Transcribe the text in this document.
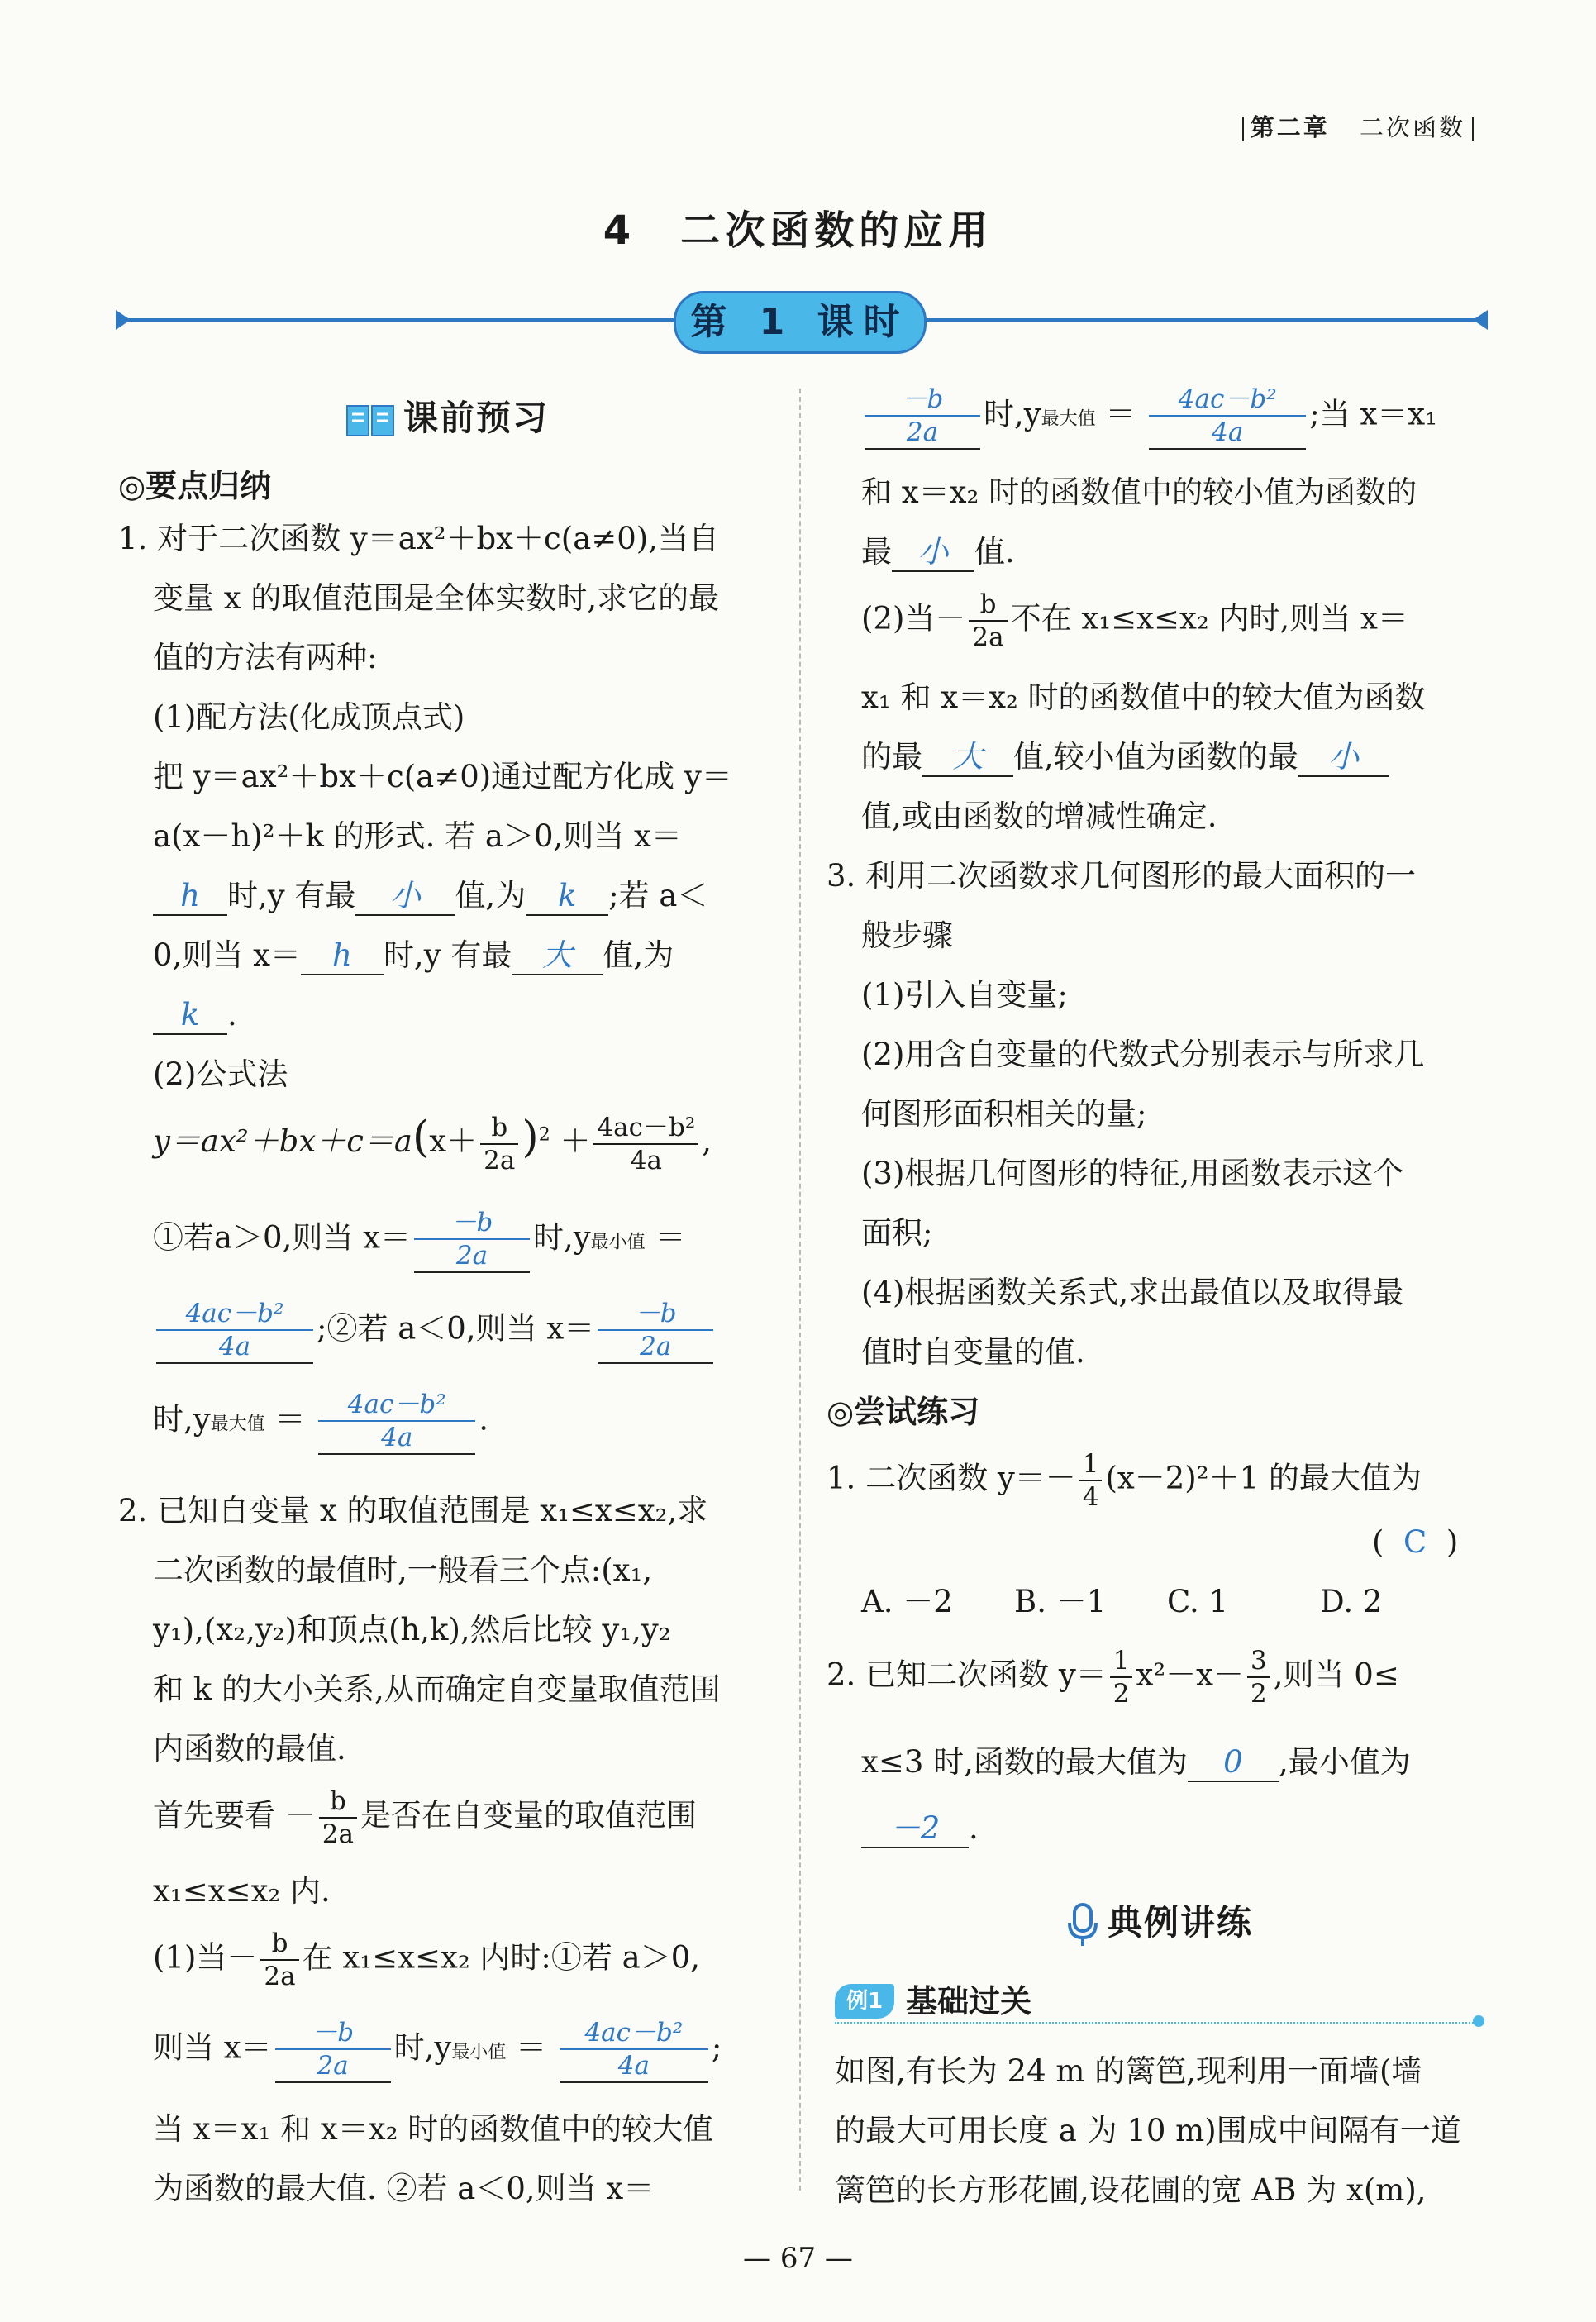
第二章 二次函数
4　二次函数的应用
第 1 课时
课前预习
◎要点归纳
1. 对于二次函数 y＝ax²＋bx＋c(a≠0),当自
变量 x 的取值范围是全体实数时,求它的最
值的方法有两种:
(1)配方法(化成顶点式)
把 y＝ax²＋bx＋c(a≠0)通过配方化成 y＝
a(x－h)²＋k 的形式. 若 a＞0,则当 x＝
h 时,y 有最 小 值,为 k ;若 a＜
0,则当 x＝ h 时,y 有最 大 值,为
k .
(2)公式法
$y=ax^2+bx+c=a(x+ \frac{b}{2a} )^2 + \frac{\text{4ac－b²}}{4a}$ ,
①若a＞0,则当 $x= \frac{-b}{2a}$ 时,y最小值 ＝
$\frac{\text{4ac－b²}}{4a}$ ;②若 a＜0,则当 $x= \frac{-b}{2a}$
时,y最大值 ＝ $\frac{\text{4ac－b²}}{4a}$ .
2. 已知自变量 x 的取值范围是 x₁≤x≤x₂,求
二次函数的最值时,一般看三个点:(x₁,
y₁),(x₂,y₂)和顶点(h,k),然后比较 y₁,y₂
和 k 的大小关系,从而确定自变量取值范围
内函数的最值.
首先要看 － $\frac{b}{2a}$ 是否在自变量的取值范围
x₁≤x≤x₂ 内.
(1)当－ $\frac{b}{2a}$ 在 x₁≤x≤x₂ 内时:①若 a＞0,
则当 $x= \frac{-b}{2a}$ 时,y最小值 ＝ $\frac{\text{4ac－b²}}{4a}$ ;
当 x＝x₁ 和 x＝x₂ 时的函数值中的较大值
为函数的最大值. ②若 a＜0,则当 x＝
$\frac{-b}{2a}$ 时,y最大值 ＝ $\frac{\text{4ac－b²}}{4a}$ ;当 x＝x₁
和 x＝x₂ 时的函数值中的较小值为函数的
最 小 值.
(2)当－ $\frac{b}{2a}$ 不在 x₁≤x≤x₂ 内时,则当 x＝
x₁ 和 x＝x₂ 时的函数值中的较大值为函数
的最 大 值,较小值为函数的最 小
值,或由函数的增减性确定.
3. 利用二次函数求几何图形的最大面积的一
般步骤
(1)引入自变量;
(2)用含自变量的代数式分别表示与所求几
何图形面积相关的量;
(3)根据几何图形的特征,用函数表示这个
面积;
(4)根据函数关系式,求出最值以及取得最
值时自变量的值.
◎尝试练习
1. 二次函数 $y=- \frac{1}{4} (x-2)^2+1$ 的最大值为
( C )
A. －2 B. －1 C. 1	D. 2
2. 已知二次函数 $y= \frac{1}{2} x^2-x- \frac{3}{2}$ ,则当 0≤
x≤3 时,函数的最大值为 0 ,最小值为
－2 .
典例讲练
如图,有长为 24 m 的篱笆,现利用一面墙(墙
的最大可用长度 a 为 10 m)围成中间隔有一道
篱笆的长方形花圃,设花圃的宽 AB 为 x(m),
例1 基础过关
— 67 —
